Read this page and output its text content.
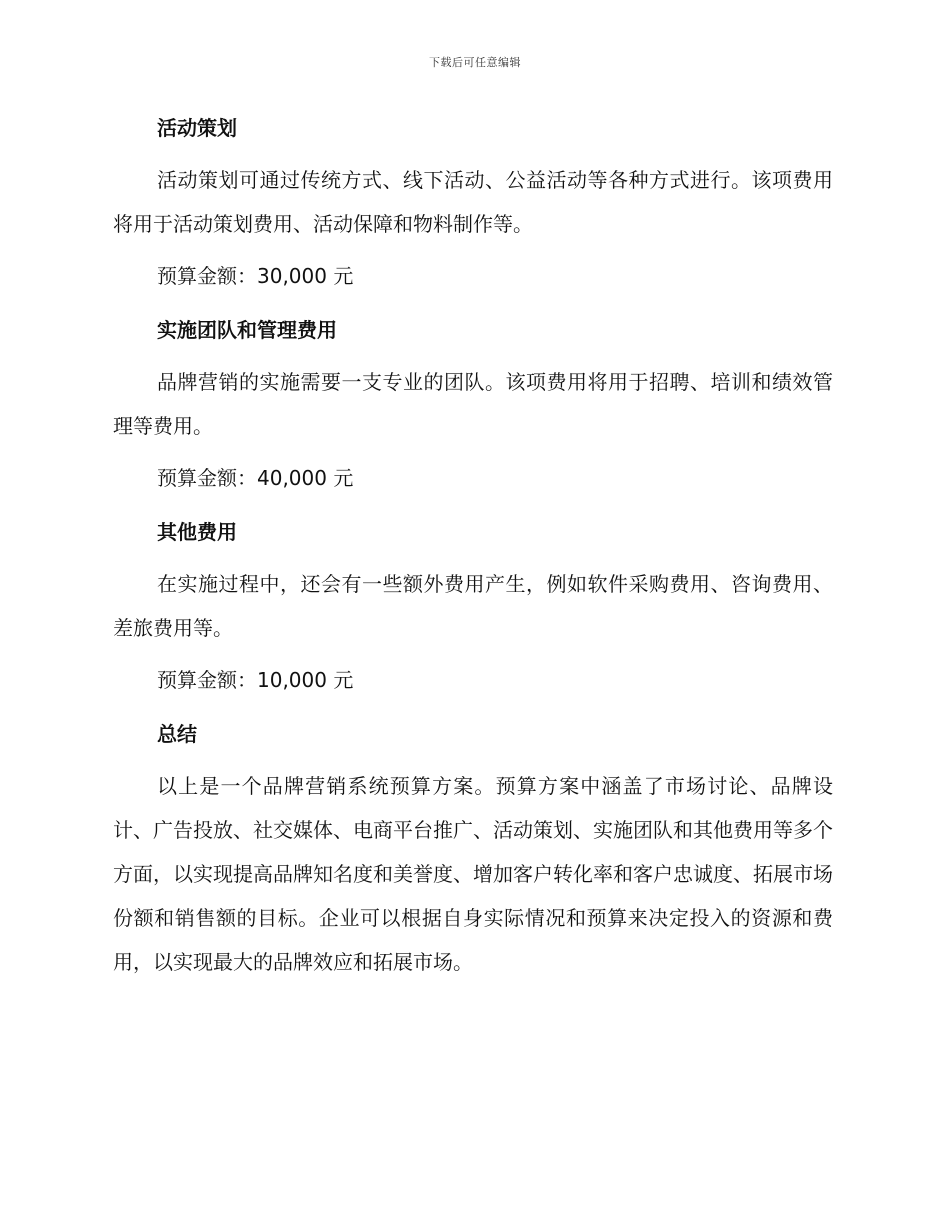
下载后可任意编辑
活动策划
活动策划可通过传统方式、线下活动、公益活动等各种方式进行。该项费用将用于活动策划费用、活动保障和物料制作等。
预算金额：30,000 元
实施团队和管理费用
品牌营销的实施需要一支专业的团队。该项费用将用于招聘、培训和绩效管理等费用。
预算金额：40,000 元
其他费用
在实施过程中，还会有一些额外费用产生，例如软件采购费用、咨询费用、差旅费用等。
预算金额：10,000 元
总结
以上是一个品牌营销系统预算方案。预算方案中涵盖了市场讨论、品牌设计、广告投放、社交媒体、电商平台推广、活动策划、实施团队和其他费用等多个方面，以实现提高品牌知名度和美誉度、增加客户转化率和客户忠诚度、拓展市场份额和销售额的目标。企业可以根据自身实际情况和预算来决定投入的资源和费用，以实现最大的品牌效应和拓展市场。
